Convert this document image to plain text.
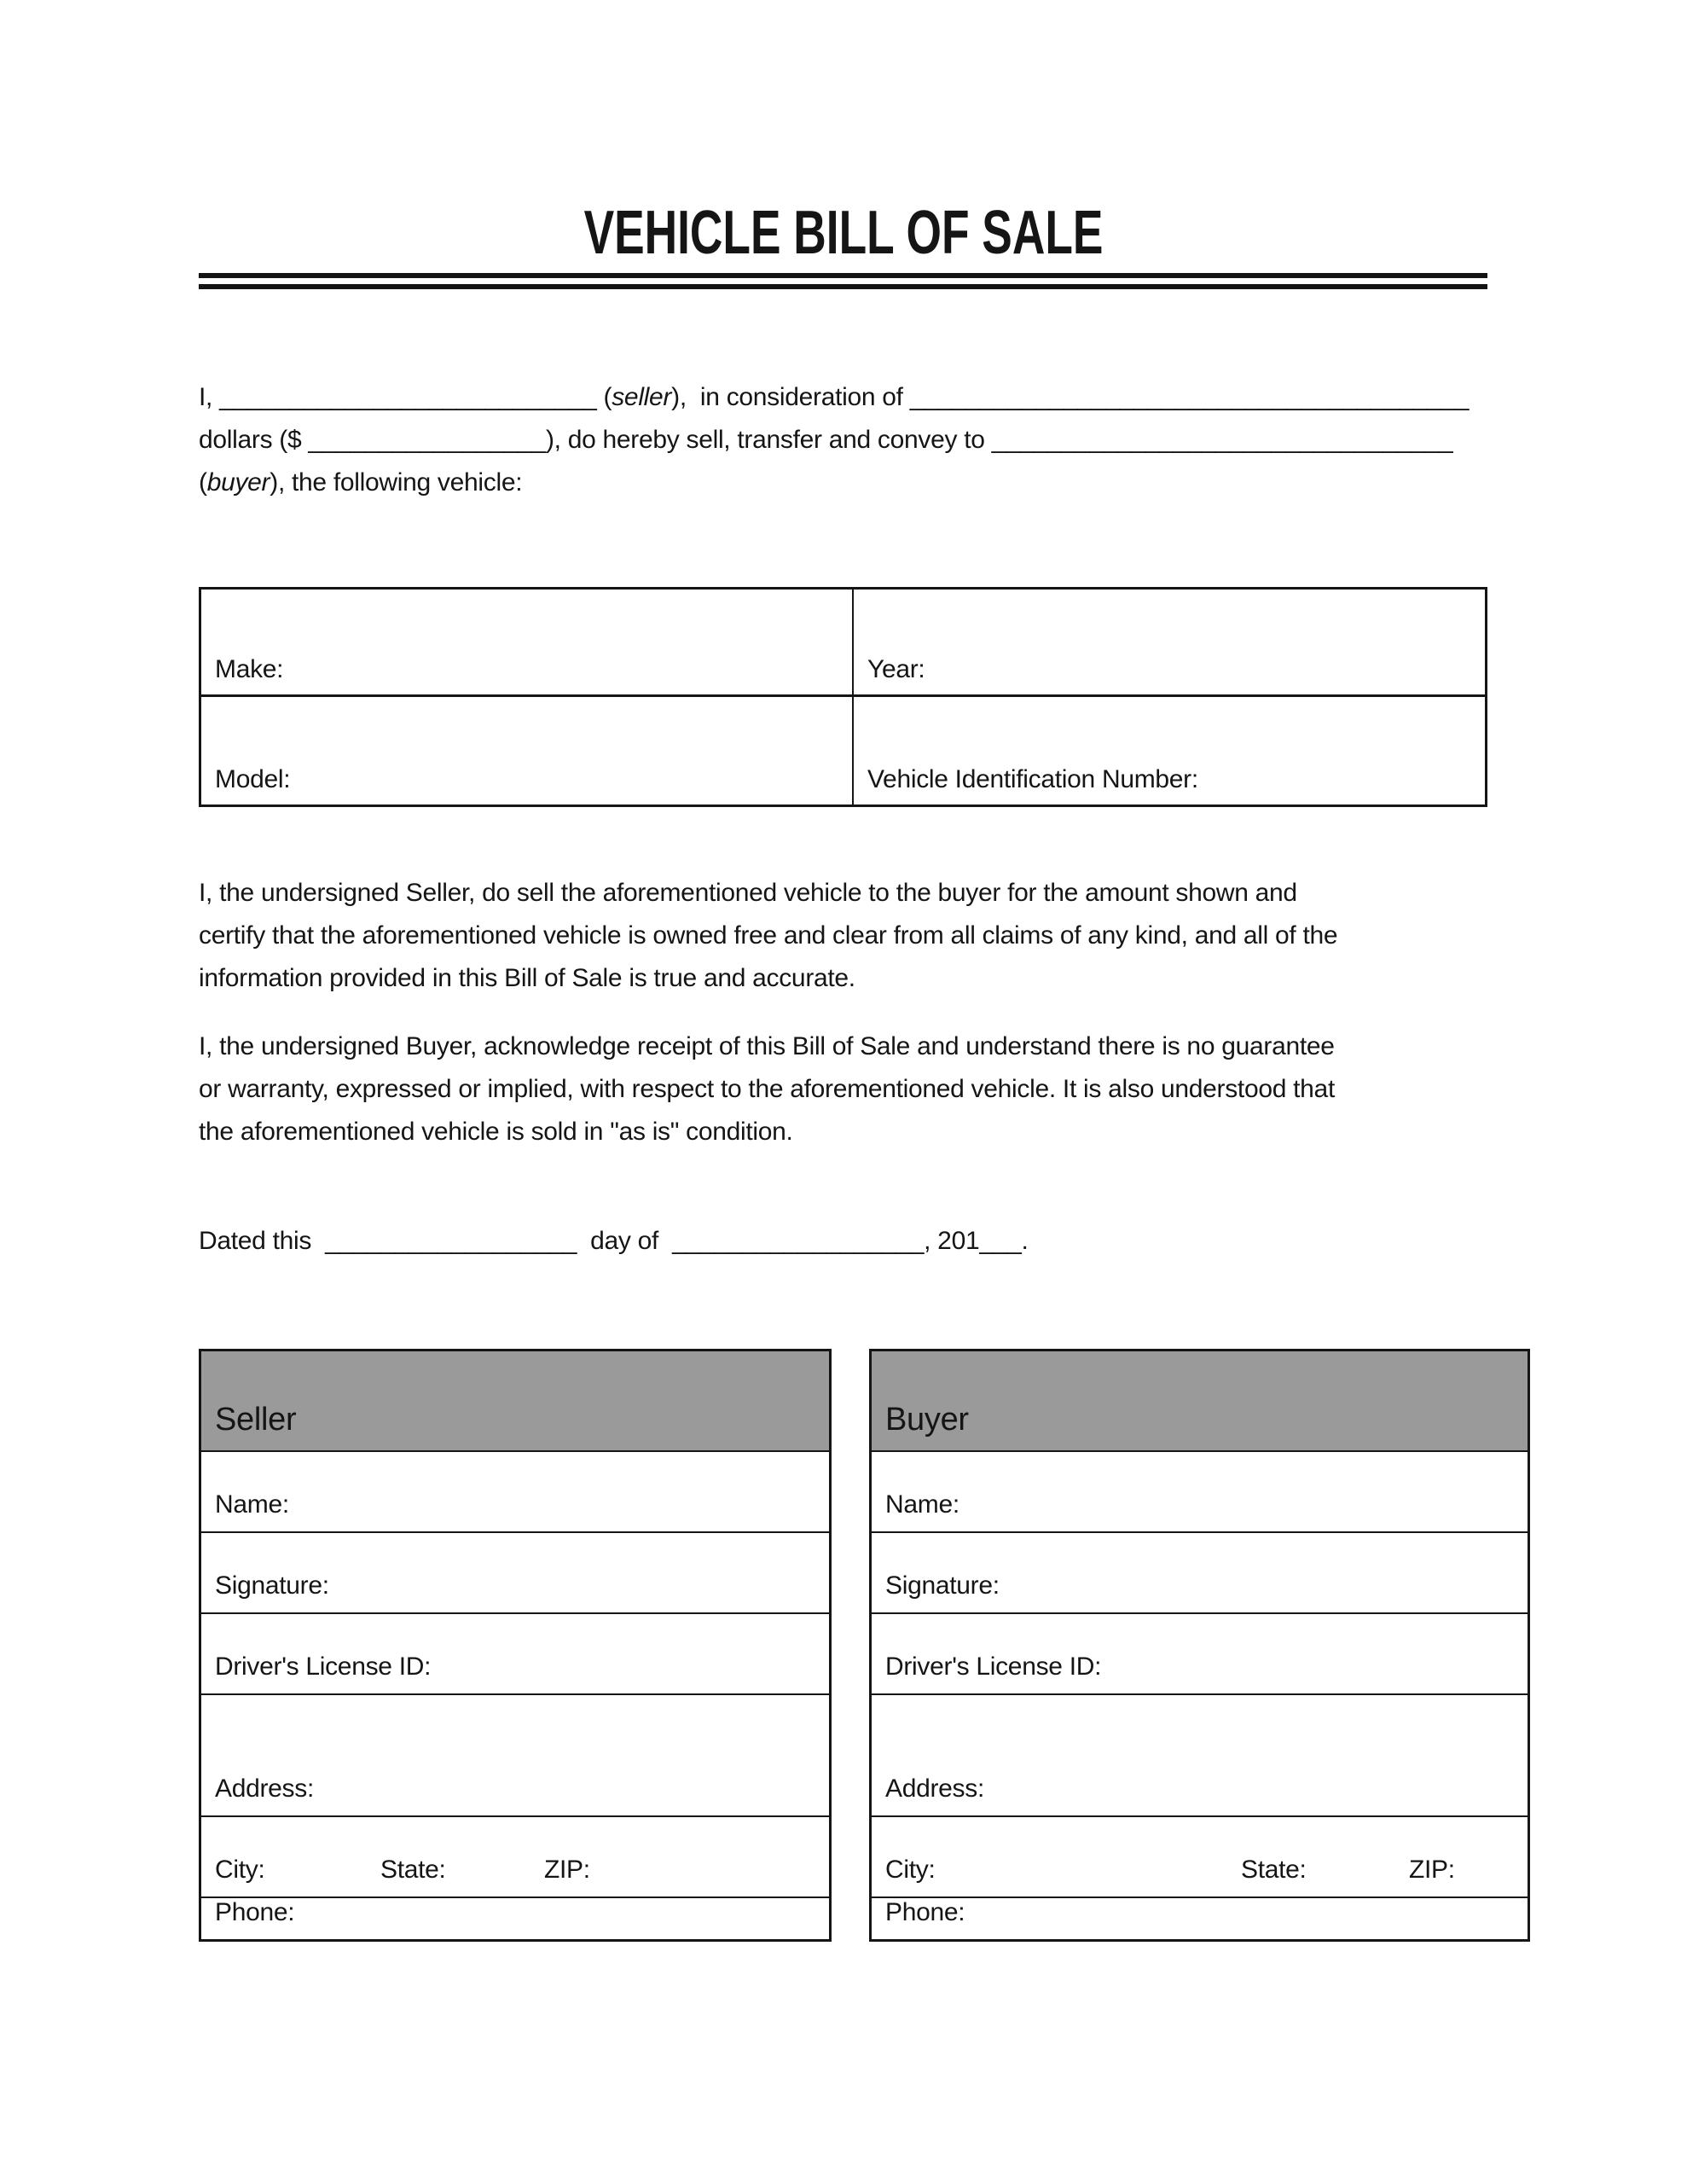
VEHICLE BILL OF SALE
I, ___________________________ (seller),  in consideration of ________________________________________
dollars ($ _________________), do hereby sell, transfer and convey to _________________________________
(buyer), the following vehicle:
Make:	Year:
Model:	Vehicle Identification Number:
I, the undersigned Seller, do sell the aforementioned vehicle to the buyer for the amount shown and
certify that the aforementioned vehicle is owned free and clear from all claims of any kind, and all of the
information provided in this Bill of Sale is true and accurate.
I, the undersigned Buyer, acknowledge receipt of this Bill of Sale and understand there is no guarantee
or warranty, expressed or implied, with respect to the aforementioned vehicle. It is also understood that
the aforementioned vehicle is sold in "as is" condition.
Dated this  __________________  day of  __________________, 201___.
Seller
Name:
Signature:
Driver's License ID:
Address:
City:	State:	ZIP:
Phone:
Buyer
Name:
Signature:
Driver's License ID:
Address:
City:	State:	ZIP:
Phone:
